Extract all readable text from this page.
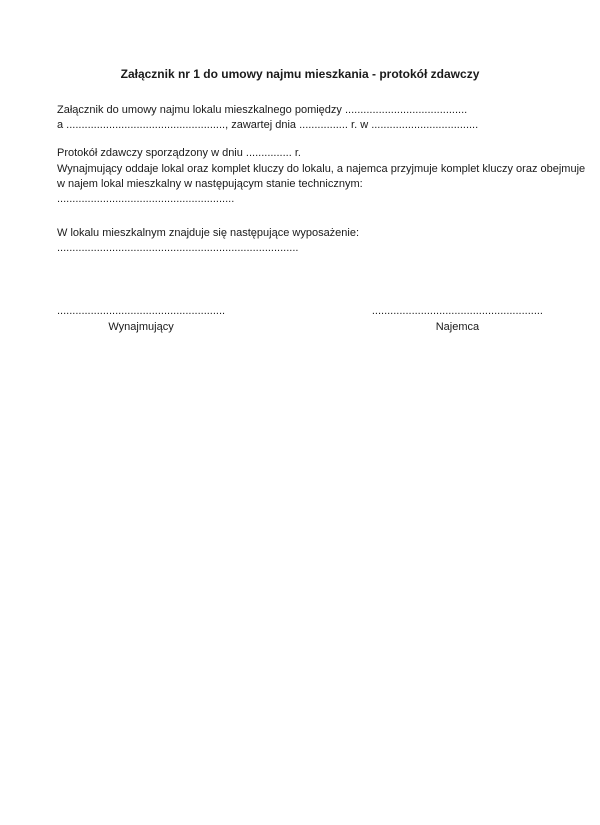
Załącznik nr 1 do umowy najmu mieszkania - protokół zdawczy
Załącznik do umowy najmu lokalu mieszkalnego pomiędzy ........................................
a ...................................................., zawartej dnia ................ r. w ...................................
Protokół zdawczy sporządzony w dniu ............... r.
Wynajmujący oddaje lokal oraz komplet kluczy do lokalu, a najemca przyjmuje komplet kluczy oraz obejmuje
w najem lokal mieszkalny w następującym stanie technicznym:
..........................................................
W lokalu mieszkalnym znajduje się następujące wyposażenie:
...............................................................................
.......................................................
Wynajmujący
........................................................
Najemca
